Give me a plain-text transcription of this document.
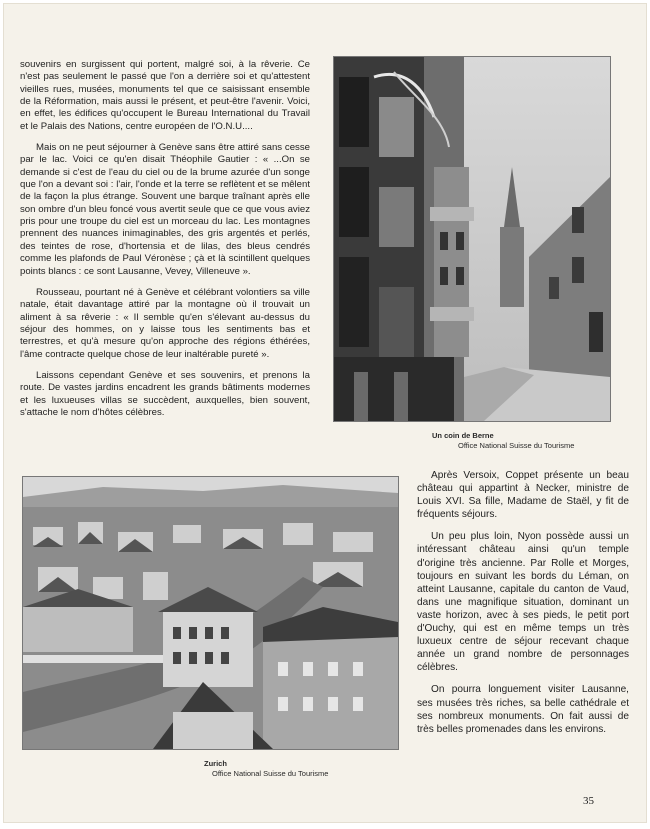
souvenirs en surgissent qui portent, malgré soi, à la rêverie. Ce n'est pas seulement le passé que l'on a derrière soi et qu'attestent vieilles rues, musées, monuments tel que ce saisissant ensemble de la Réformation, mais aussi le présent, et peut-être l'avenir. Voici, en effet, les édifices qu'occupent le Bureau International du Travail et le Palais des Nations, centre européen de l'O.N.U....

Mais on ne peut séjourner à Genève sans être attiré sans cesse par le lac. Voici ce qu'en disait Théophile Gautier : « ...On se demande si c'est de l'eau du ciel ou de la brume azurée d'un songe que l'on a devant soi : l'air, l'onde et la terre se reflètent et se mêlent de la façon la plus étrange. Souvent une barque traînant après elle son ombre d'un bleu foncé vous avertit seule que ce que vous aviez pris pour une troupe du ciel est un morceau du lac. Les montagnes prennent des nuances inimaginables, des gris argentés et perlés, des teintes de rose, d'hortensia et de lilas, des bleus cendrés comme les plafonds de Paul Véronèse ; çà et là scintillent quelques points blancs : ce sont Lausanne, Vevey, Villeneuve ».

Rousseau, pourtant né à Genève et célébrant volontiers sa ville natale, était davantage attiré par la montagne où il trouvait un aliment à sa rêverie : « Il semble qu'en s'élevant au-dessus du séjour des hommes, on y laisse tous les sentiments bas et terrestres, et qu'à mesure qu'on approche des régions éthérées, l'âme contracte quelque chose de leur inaltérable pureté ».

Laissons cependant Genève et ses souvenirs, et prenons la route. De vastes jardins encadrent les grands bâtiments modernes et les luxueuses villas se succèdent, auxquelles, bien souvent, s'attache le nom d'hôtes célèbres.

Un coin de Berne
Office National Suisse du Tourisme
Zurich
Office National Suisse du Tourisme

Après Versoix, Coppet présente un beau château qui appartint à Necker, ministre de Louis XVI. Sa fille, Madame de Staël, y fit de fréquents séjours.

Un peu plus loin, Nyon possède aussi un intéressant château ainsi qu'un temple d'origine très ancienne. Par Rolle et Morges, toujours en suivant les bords du Léman, on atteint Lausanne, capitale du canton de Vaud, dans une magnifique situation, dominant un vaste horizon, avec à ses pieds, le petit port d'Ouchy, qui est en même temps un très luxueux centre de séjour recevant chaque année un grand nombre de personnages célèbres.

On pourra longuement visiter Lausanne, ses musées très riches, sa belle cathédrale et ses nombreux monuments. On fait aussi de très belles promenades dans les environs.

35
